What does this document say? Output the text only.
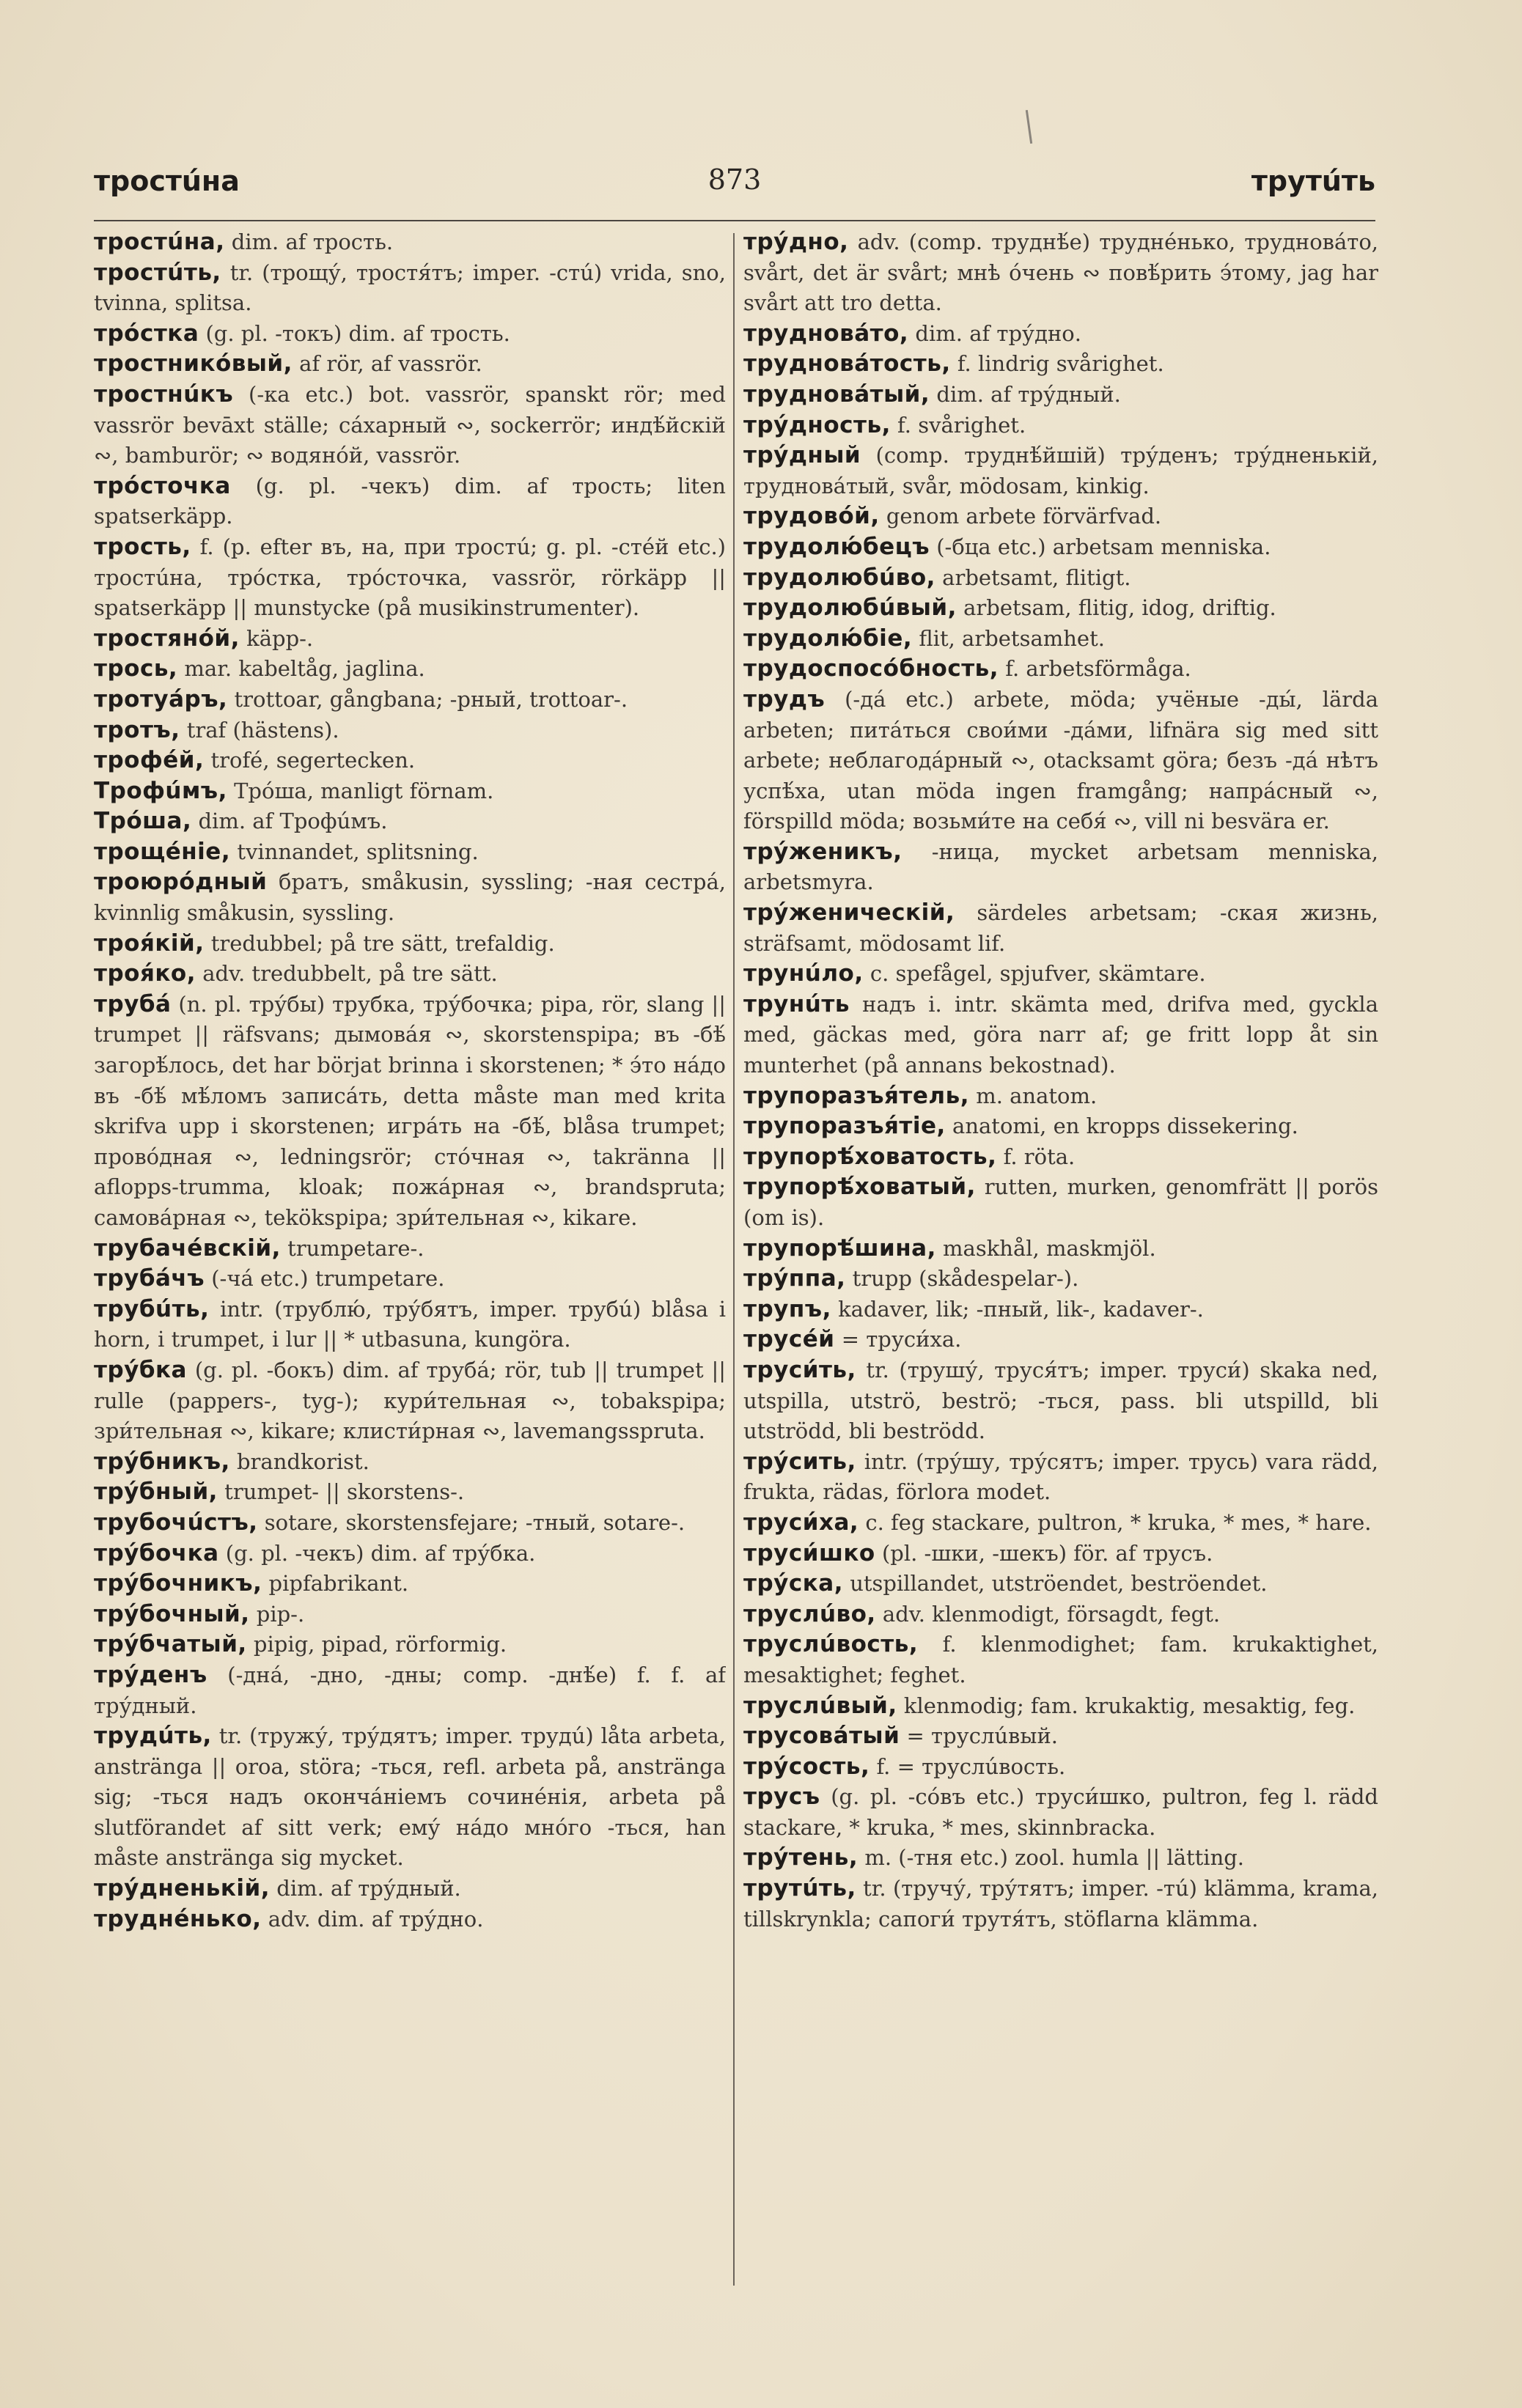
тростúна	873	трутúть
тростúна, dim. af трость.
тростúть, tr. (трощу́, тростя́тъ; imper. -стú) vrida, sno, tvinna, splitsa.
тро́стка (g. pl. -токъ) dim. af трость.
тростникóвый, af rör, af vassrör.
тростнúкъ (-ка etc.) bot. vassrör, spanskt rör; med vassrör bevāxt ställe; са́харный ∾, sockerrör; индѣ́йскій ∾, bamburör; ∾ водянóй, vassrör.
тро́сточка (g. pl. -чекъ) dim. af трость; liten spatserkäpp.
трость, f. (p. efter въ, на, при тростú; g. pl. -стéй etc.) тростúна, тро́стка, тро́сточка, vassrör, rörkäpp || spatserkäpp || munstycke (på musikinstrumenter).
тростянóй, käpp-.
трось, mar. kabeltåg, jaglina.
тротуáръ, trottoar, gångbana; -рный, trottoar-.
тротъ, traf (hästens).
трофéй, trofé, segertecken.
Трофúмъ, Тро́ша, manligt förnam.
Тро́ша, dim. af Трофúмъ.
трощéніе, tvinnandet, splitsning.
троюро́дный братъ, småkusin, syssling; -ная сестра́, kvinnlig småkusin, syssling.
троя́кій, tredubbel; på tre sätt, trefaldig.
троя́ко, adv. tredubbelt, på tre sätt.
труба́ (n. pl. тру́бы) трубка, тру́бочка; pipa, rör, slang || trumpet || räfsvans; дымова́я ∾, skorstenspipa; въ -бѣ́ загорѣ́лось, det har börjat brinna i skorstenen; * э́то на́до въ -бѣ́ мѣ́ломъ записа́ть, detta måste man med krita skrifva upp i skorstenen; игра́ть на -бѣ́, blåsa trumpet; прово́дная ∾, ledningsrör; сто́чная ∾, takränna || aflopps-trumma, kloak; пожа́рная ∾, brandspruta; самова́рная ∾, teköksрipa; зри́тельная ∾, kikare.
трубачéвскій, trumpetare-.
труба́чъ (-ча́ etc.) trumpetare.
трубúть, intr. (трублю́, тру́бятъ, imper. трубú) blåsa i horn, i trumpet, i lur || * utbasuna, kungöra.
тру́бка (g. pl. -бокъ) dim. af труба́; rör, tub || trumpet || rulle (pappers-, tyg-); кури́тельная ∾, tobakspipa; зри́тельная ∾, kikare; клисти́рная ∾, lavemangsspruta.
тру́бникъ, brandkorist.
тру́бный, trumpet- || skorstens-.
трубочúстъ, sotare, skorstensfejare; -тный, sotare-.
тру́бочка (g. pl. -чекъ) dim. af тру́бка.
тру́бочникъ, pipfabrikant.
тру́бочный, pip-.
тру́бчатый, pipig, pipad, rörformig.
тру́денъ (-дна́, -дно, -дны; comp. -днѣ́е) f. f. af тру́дный.
трудúть, tr. (тружу́, тру́дятъ; imper. трудú) låta arbeta, anstränga || oroa, störa; -ться, refl. arbeta på, anstränga sig; -ться надъ оконча́ніемъ сочине́нія, arbeta på slutförandet af sitt verk; ему́ на́до мно́го -ться, han måste anstränga sig mycket.
тру́дненькій, dim. af тру́дный.
трудне́нько, adv. dim. af тру́дно.
тру́дно, adv. (comp. труднѣ́е) трудне́нько, трудновáто, svårt, det är svårt; мнѣ о́чень ∾ повѣ́рить э́тому, jag har svårt att tro detta.
трудновáто, dim. af тру́дно.
трудновáтость, f. lindrig svårighet.
трудновáтый, dim. af тру́дный.
тру́дность, f. svårighet.
тру́дный (comp. труднѣ́йшій) тру́денъ; тру́дненькій, трудновáтый, svår, mödosam, kinkig.
трудовóй, genom arbete förvärfvad.
трудолю́бецъ (-бца etc.) arbetsam menniska.
трудолюбúво, arbetsamt, flitigt.
трудолюбúвый, arbetsam, flitig, idog, driftig.
трудолю́біе, flit, arbetsamhet.
трудоспосóбность, f. arbetsförmåga.
трудъ (-да́ etc.) arbete, möda; учёные -ды́, lärda arbeten; пита́ться свои́ми -да́ми, lifnära sig med sitt arbete; неблагода́рный ∾, otacksamt göra; безъ -да́ нѣтъ успѣ́ха, utan möda ingen framgång; напра́сный ∾, förspilld möda; возьми́те на себя́ ∾, vill ni besvära er.
тру́женикъ, -ница, mycket arbetsam menniska, arbetsmyra.
тру́женическій, särdeles arbetsam; -ская жизнь, sträfsamt, mödosamt lif.
трунúло, c. spefågel, spjufver, skämtare.
трунúть надъ i. intr. skämta med, drifva med, gyckla med, gäckas med, göra narr af; ge fritt lopp åt sin munterhet (på annans bekostnad).
трупоразъя́тель, m. anatom.
трупоразъя́тіе, anatomi, en kropps dissekering.
трупорѣ́ховатость, f. röta.
трупорѣ́ховатый, rutten, murken, genomfrätt || porös (om is).
трупорѣ́шина, maskhål, maskmjöl.
тру́ппа, trupp (skådespelar-).
трупъ, kadaver, lik; -пный, lik-, kadaver-.
трусéй = труси́ха.
труси́ть, tr. (трушу́, труся́тъ; imper. труси́) skaka ned, utspilla, utströ, beströ; -ться, pass. bli utspilld, bli utströdd, bli beströdd.
тру́сить, intr. (тру́шу, тру́сятъ; imper. трусь) vara rädd, frukta, rädas, förlora modet.
труси́ха, c. feg stackare, pultron, * kruka, * mes, * hare.
труси́шко (pl. -шки, -шекъ) för. af трусъ.
тру́ска, utspillandet, utströendet, beströendet.
труслúво, adv. klenmodigt, försagdt, fegt.
труслúвость, f. klenmodighet; fam. krukaktighet, mesaktighet; feghet.
труслúвый, klenmodig; fam. krukaktig, mesaktig, feg.
трусовáтый = труслúвый.
тру́сость, f. = труслúвость.
трусъ (g. pl. -со́въ etc.) труси́шко, pultron, feg l. rädd stackare, * kruka, * mes, skinnbracka.
тру́тень, m. (-тня etc.) zool. humla || lätting.
трутúть, tr. (тручу́, тру́тятъ; imper. -тú) klämma, krama, tillskrynkla; сапоги́ трутя́тъ, stöflarna klämma.
